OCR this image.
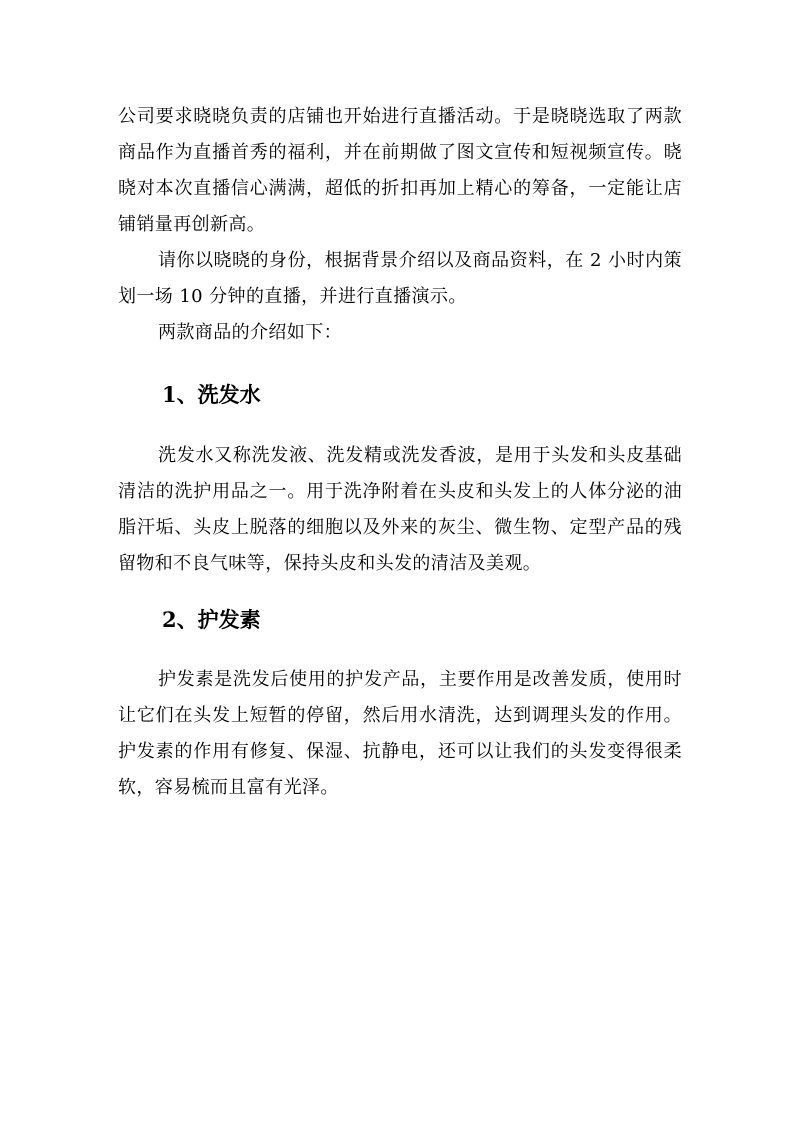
公司要求晓晓负责的店铺也开始进行直播活动。于是晓晓选取了两款商品作为直播首秀的福利，并在前期做了图文宣传和短视频宣传。晓晓对本次直播信心满满，超低的折扣再加上精心的筹备，一定能让店铺销量再创新高。

请你以晓晓的身份，根据背景介绍以及商品资料，在 2 小时内策划一场 10 分钟的直播，并进行直播演示。

两款商品的介绍如下：

1、洗发水

洗发水又称洗发液、洗发精或洗发香波，是用于头发和头皮基础清洁的洗护用品之一。用于洗净附着在头皮和头发上的人体分泌的油脂汗垢、头皮上脱落的细胞以及外来的灰尘、微生物、定型产品的残留物和不良气味等，保持头皮和头发的清洁及美观。

2、护发素

护发素是洗发后使用的护发产品，主要作用是改善发质，使用时让它们在头发上短暂的停留，然后用水清洗，达到调理头发的作用。护发素的作用有修复、保湿、抗静电，还可以让我们的头发变得很柔软，容易梳而且富有光泽。
